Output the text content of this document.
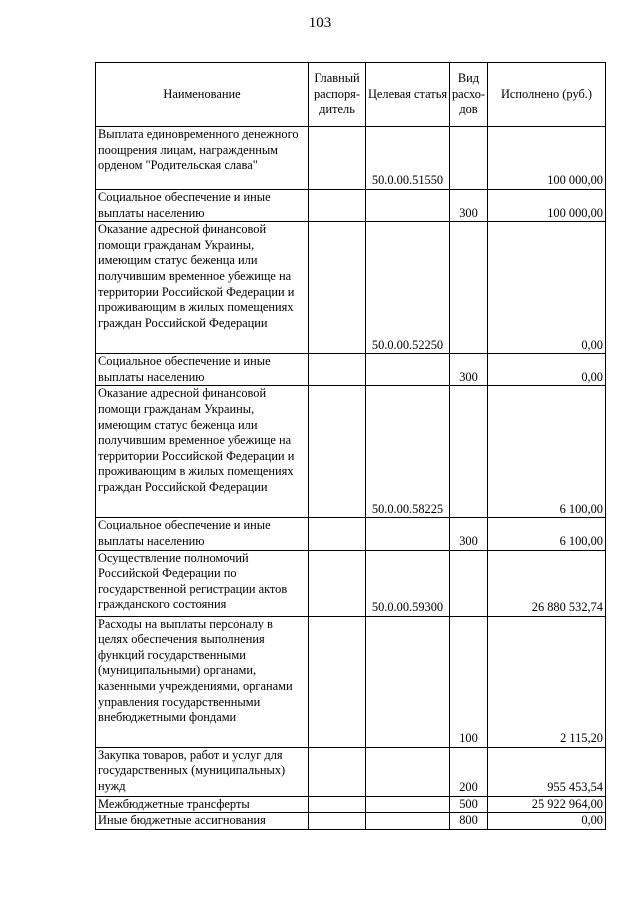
103
Наименование	Главный распоря-дитель	Целевая статья	Вид расхо-дов	Исполнено (руб.)
Выплата единовременного денежного поощрения лицам, награжденным орденом "Родительская слава"		50.0.00.51550		100 000,00
Социальное обеспечение и иные выплаты населению			300	100 000,00
Оказание адресной финансовой помощи гражданам Украины, имеющим статус беженца или получившим временное убежище на территории Российской Федерации и проживающим в жилых помещениях граждан Российской Федерации		50.0.00.52250		0,00
Социальное обеспечение и иные выплаты населению			300	0,00
Оказание адресной финансовой помощи гражданам Украины, имеющим статус беженца или получившим временное убежище на территории Российской Федерации и проживающим в жилых помещениях граждан Российской Федерации		50.0.00.58225		6 100,00
Социальное обеспечение и иные выплаты населению			300	6 100,00
Осуществление полномочий Российской Федерации по государственной регистрации актов гражданского состояния		50.0.00.59300		26 880 532,74
Расходы на выплаты персоналу в целях обеспечения выполнения функций государственными (муниципальными) органами, казенными учреждениями, органами управления государственными внебюджетными фондами			100	2 115,20
Закупка товаров, работ и услуг для государственных (муниципальных) нужд			200	955 453,54
Межбюджетные трансферты			500	25 922 964,00
Иные бюджетные ассигнования			800	0,00
